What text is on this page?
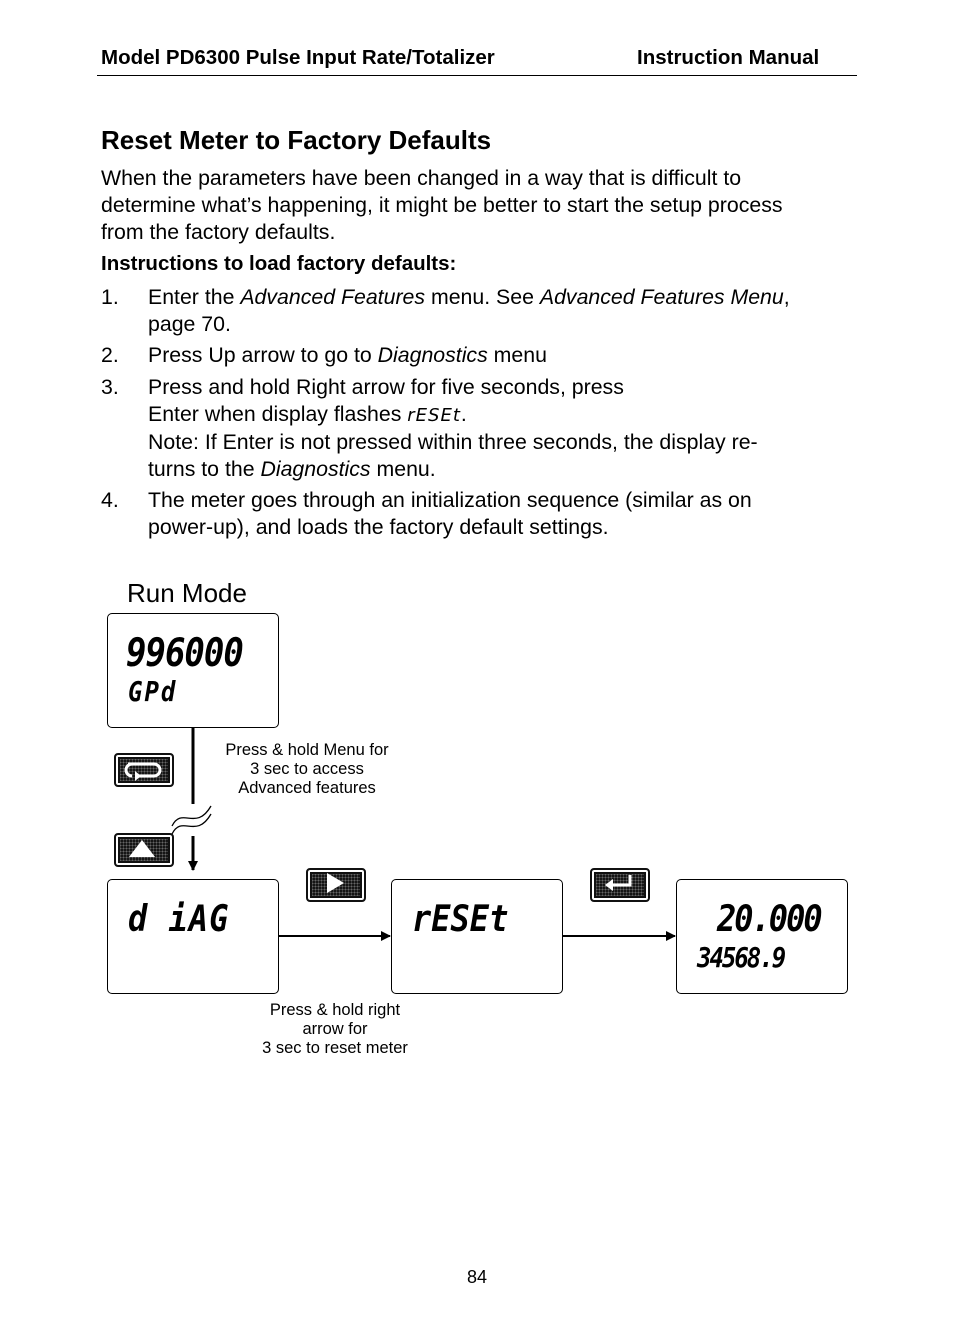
Model PD6300 Pulse Input Rate/Totalizer	Instruction Manual
Reset Meter to Factory Defaults
When the parameters have been changed in a way that is difficult to
determine what’s happening, it might be better to start the setup process
from the factory defaults.
Instructions to load factory defaults:
1. Enter the Advanced Features menu. See Advanced Features Menu,
page 70.
2. Press Up arrow to go to Diagnostics menu
3. Press and hold Right arrow for five seconds, press
Enter when display flashes rESEt.
Note: If Enter is not pressed within three seconds, the display re-
turns to the Diagnostics menu.
4. The meter goes through an initialization sequence (similar as on
power-up), and loads the factory default settings.
Run Mode
996000
GPd
Press & hold Menu for
3 sec to access
Advanced features
d iAG	rESEt
Press & hold right
arrow for
3 sec to reset meter
20.000
34568.9
84
